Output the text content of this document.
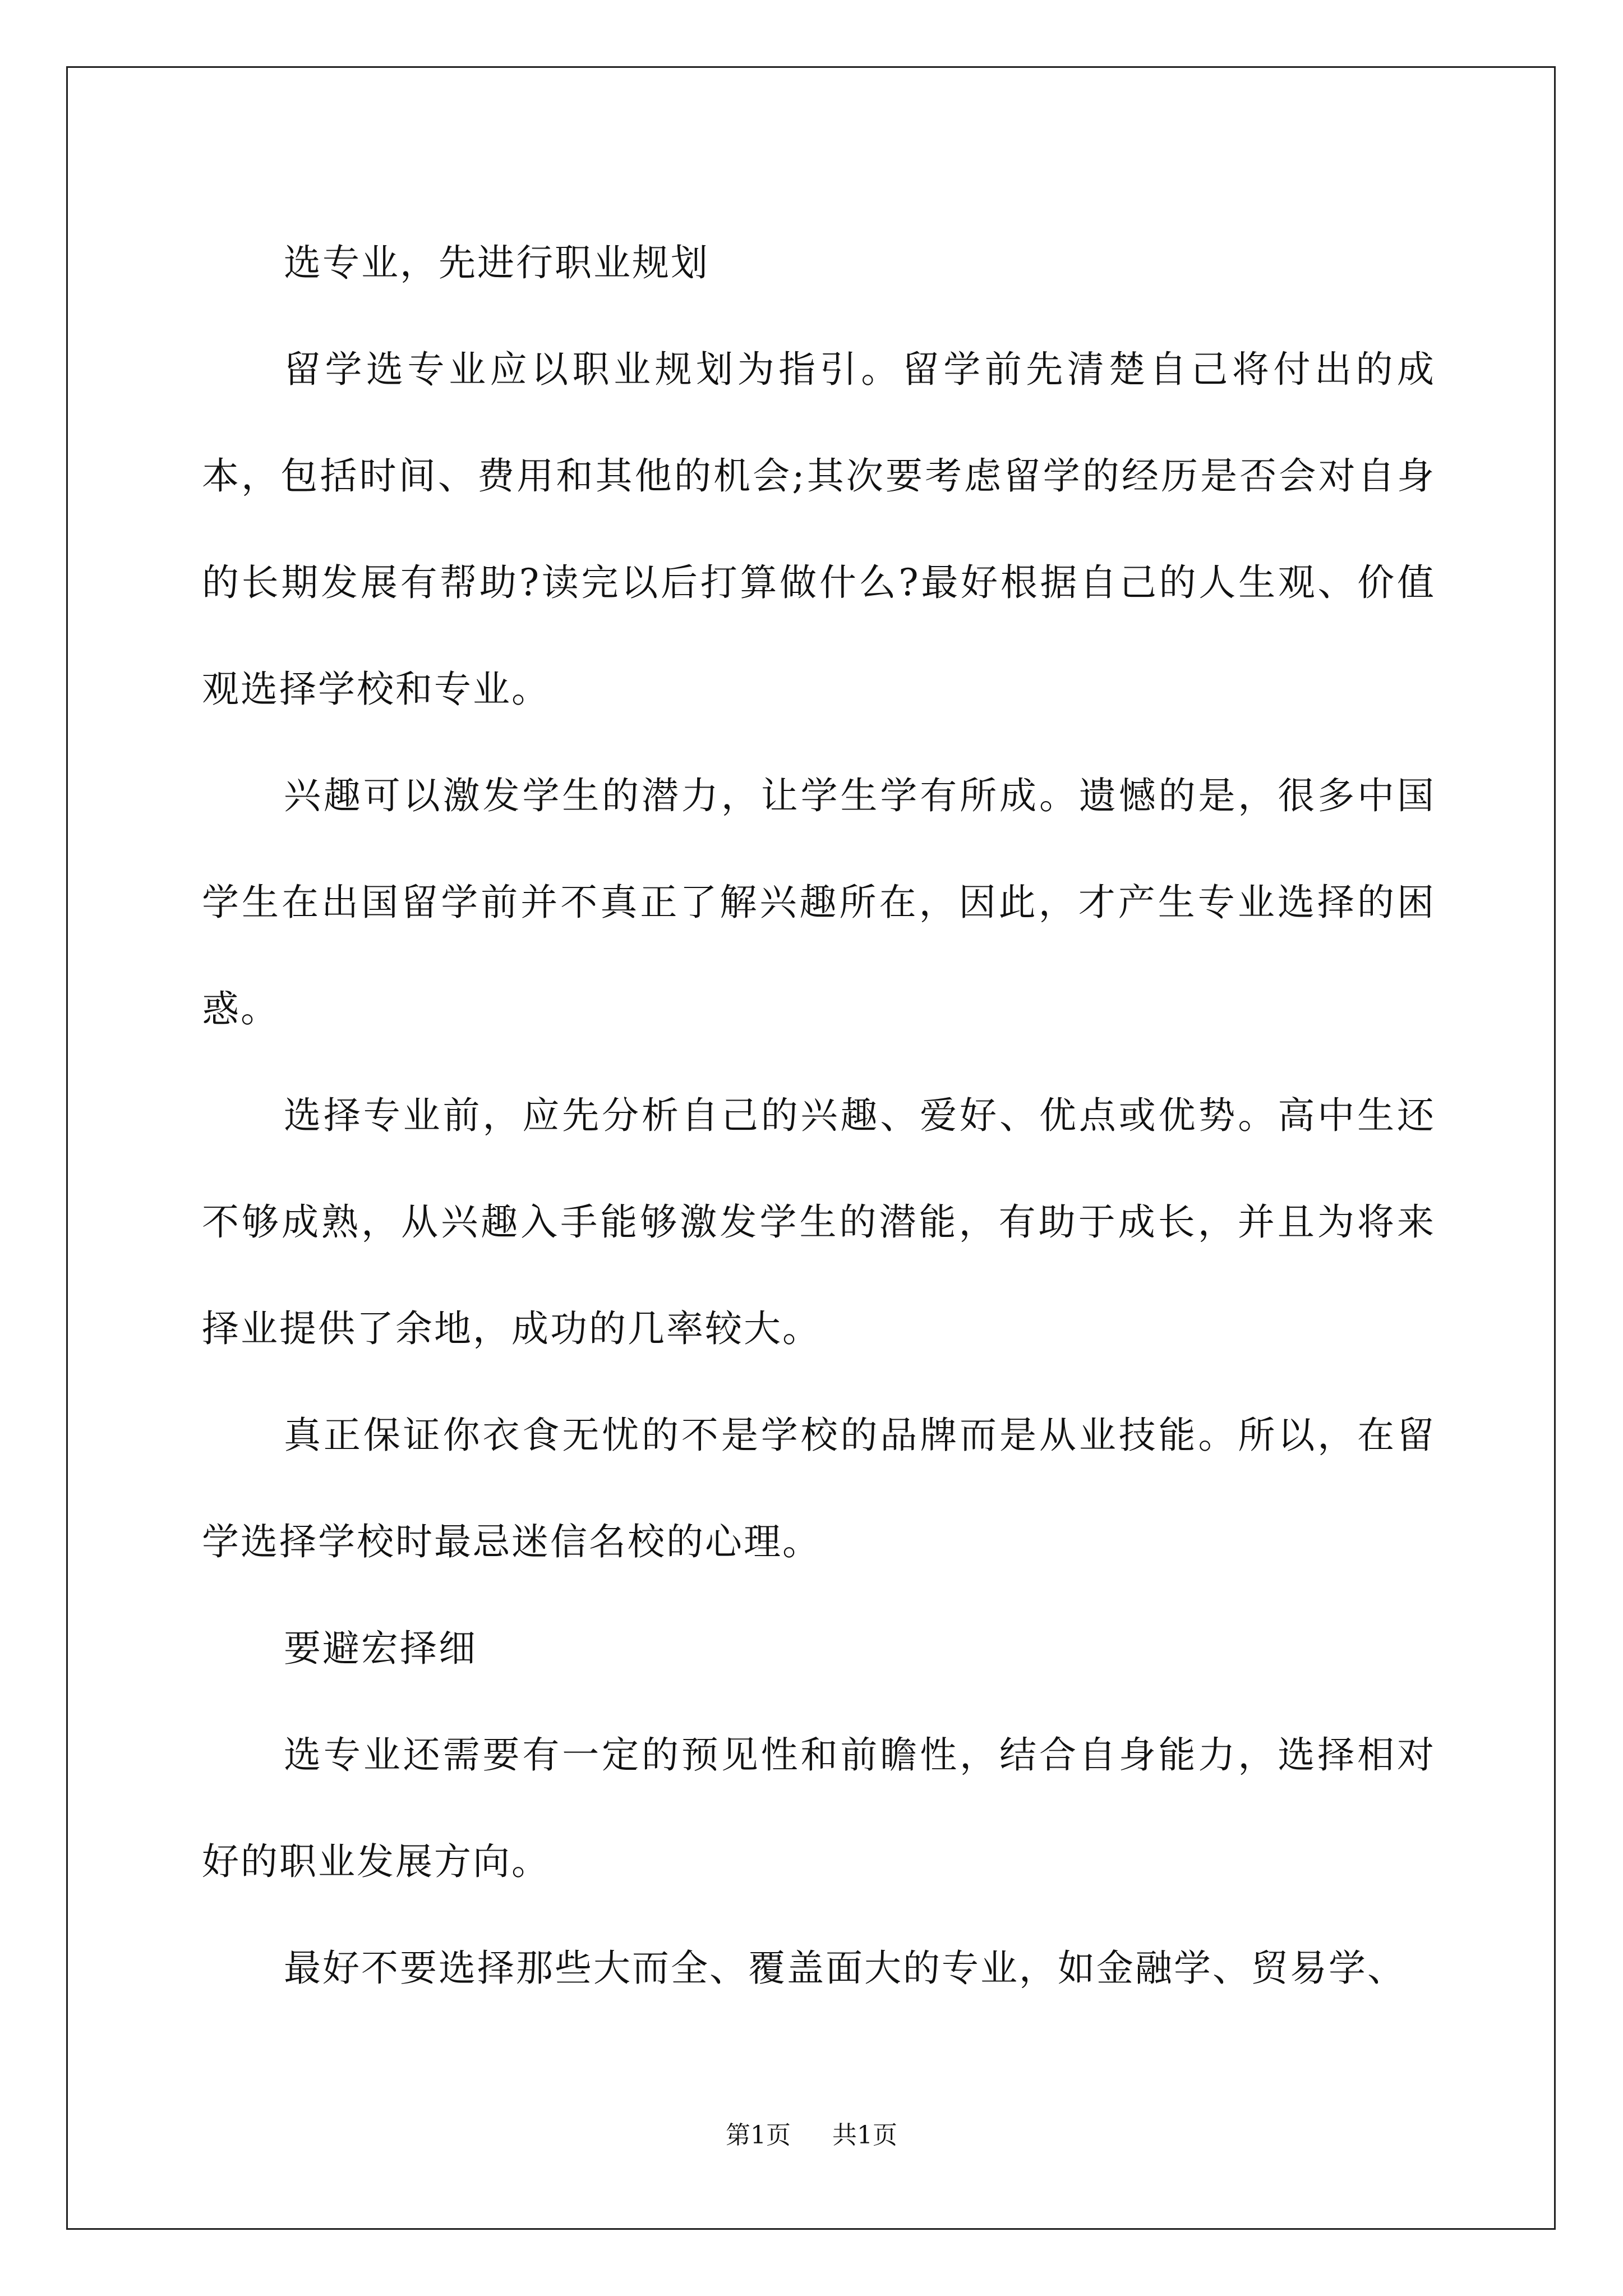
选专业，先进行职业规划

留学选专业应以职业规划为指引。留学前先清楚自己将付出的成本，包括时间、费用和其他的机会;其次要考虑留学的经历是否会对自身的长期发展有帮助?读完以后打算做什么?最好根据自己的人生观、价值观选择学校和专业。

兴趣可以激发学生的潜力，让学生学有所成。遗憾的是，很多中国学生在出国留学前并不真正了解兴趣所在，因此，才产生专业选择的困惑。

选择专业前，应先分析自己的兴趣、爱好、优点或优势。高中生还不够成熟，从兴趣入手能够激发学生的潜能，有助于成长，并且为将来择业提供了余地，成功的几率较大。

真正保证你衣食无忧的不是学校的品牌而是从业技能。所以，在留学选择学校时最忌迷信名校的心理。

要避宏择细

选专业还需要有一定的预见性和前瞻性，结合自身能力，选择相对好的职业发展方向。

最好不要选择那些大而全、覆盖面大的专业，如金融学、贸易学、

第1页 共1页
